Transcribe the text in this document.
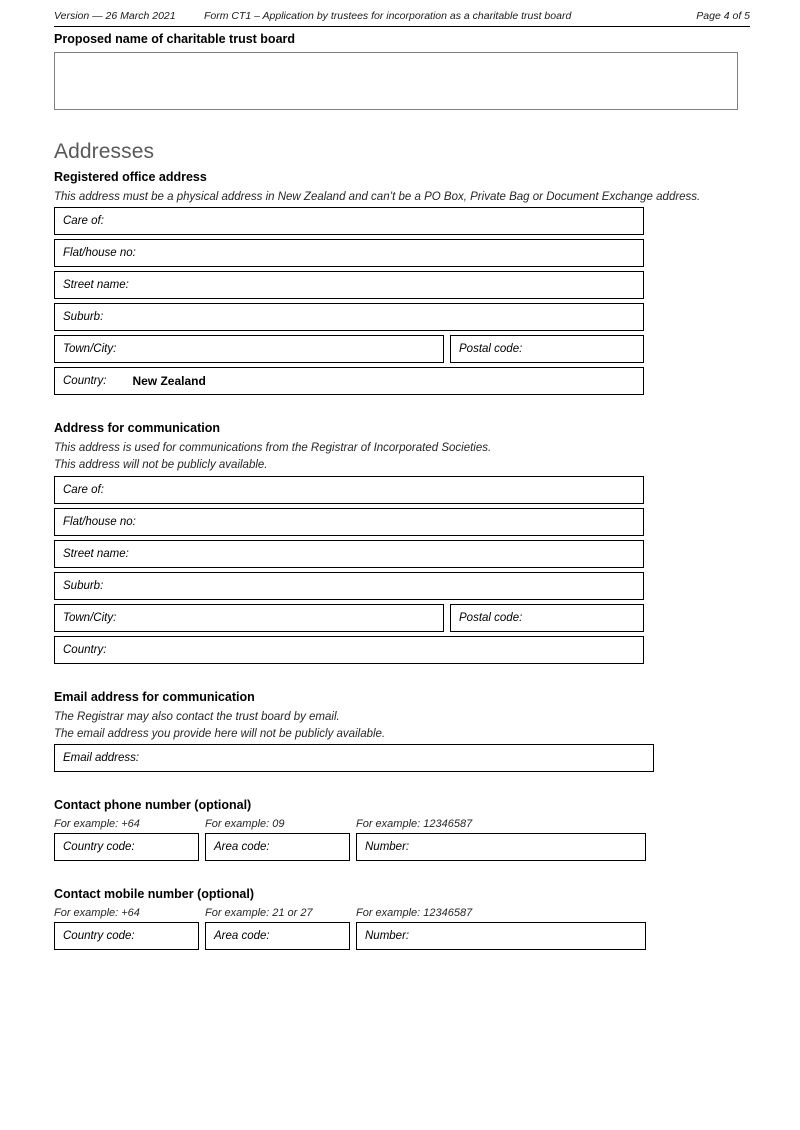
Version — 26 March 2021	Form CT1 – Application by trustees for incorporation as a charitable trust board	Page 4 of 5
Proposed name of charitable trust board
Addresses
Registered office address
This address must be a physical address in New Zealand and can’t be a PO Box, Private Bag or Document Exchange address.
Care of:
Flat/house no:
Street name:
Suburb:
Town/City:	Postal code:
Country: New Zealand
Address for communication
This address is used for communications from the Registrar of Incorporated Societies.
This address will not be publicly available.
Care of:
Flat/house no:
Street name:
Suburb:
Town/City:	Postal code:
Country:
Email address for communication
The Registrar may also contact the trust board by email.
The email address you provide here will not be publicly available.
Email address:
Contact phone number (optional)
For example: +64	For example: 09	For example: 12346587
Country code:	Area code:	Number:
Contact mobile number (optional)
For example: +64	For example: 21 or 27	For example: 12346587
Country code:	Area code:	Number:
